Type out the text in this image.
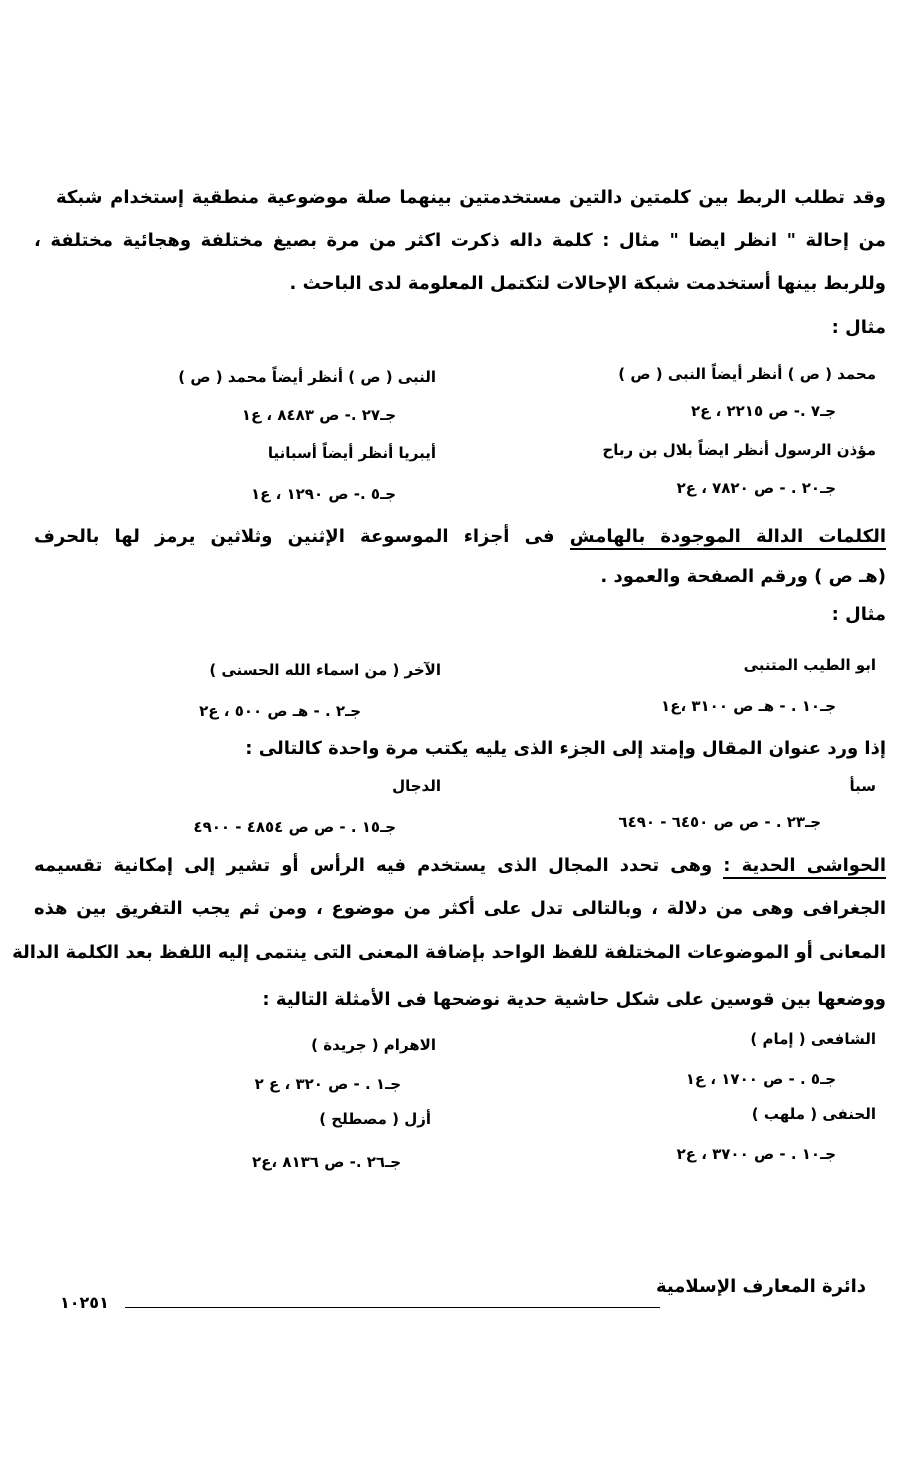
وقد تطلب الربط بين كلمتين دالتين مستخدمتين بينهما صلة موضوعية منطقية إستخدام شبكة
من إحالة " انظر ايضا " مثال : كلمة داله ذكرت اكثر من مرة بصيغ مختلفة وهجائية مختلفة ،
وللربط بينها أستخدمت شبكة الإحالات لتكتمل المعلومة لدى الباحث .
مثال :
محمد ( ص ) أنظر أيضاً النبى ( ص )
جـ٧ .- ص ٢٢١٥ ، ع٢
النبى ( ص ) أنظر أيضاً محمد ( ص )
جـ٢٧ .- ص ٨٤٨٣ ، ع١
مؤذن الرسول أنظر ايضاً بلال بن رباح
جـ٢٠ . - ص ٧٨٢٠ ، ع٢
أيبريا أنظر أيضاً أسبانيا
جـ٥ .- ص ١٢٩٠ ، ع١
الكلمات الدالة الموجودة بالهامش فى أجزاء الموسوعة الإثنين وثلاثين يرمز لها بالحرف
(هـ ص ) ورقم الصفحة والعمود .
مثال :
ابو الطيب المتنبى
جـ١٠ . - هـ ص ٣١٠٠ ،ع١
الآخر ( من اسماء الله الحسنى )
جـ٢ . - هـ ص ٥٠٠ ، ع٢
إذا ورد عنوان المقال وإمتد إلى الجزء الذى يليه يكتب مرة واحدة كالتالى :
سبأ
جـ٢٣ . - ص ص ٦٤٥٠ - ٦٤٩٠
الدجال
جـ١٥ . - ص ص ٤٨٥٤ - ٤٩٠٠
الحواشى الحدية : وهى تحدد المجال الذى يستخدم فيه الرأس أو تشير إلى إمكانية تقسيمه
الجغرافى وهى من دلالة ، وبالتالى تدل على أكثر من موضوع ، ومن ثم يجب التفريق بين هذه
المعانى أو الموضوعات المختلفة للفظ الواحد بإضافة المعنى التى ينتمى إليه اللفظ بعد الكلمة الدالة
ووضعها بين قوسين على شكل حاشية حدية نوضحها فى الأمثلة التالية :
الشافعى ( إمام )
جـ٥ . - ص ١٧٠٠ ، ع١
الاهرام ( جريدة )
جـ١ . - ص ٣٢٠ ، ع ٢
الحنفى ( ملهب )
جـ١٠ . - ص ٣٧٠٠ ، ع٢
أزل ( مصطلح )
جـ٢٦ .- ص ٨١٣٦ ،ع٢
دائرة المعارف الإسلامية
١٠٢٥١
